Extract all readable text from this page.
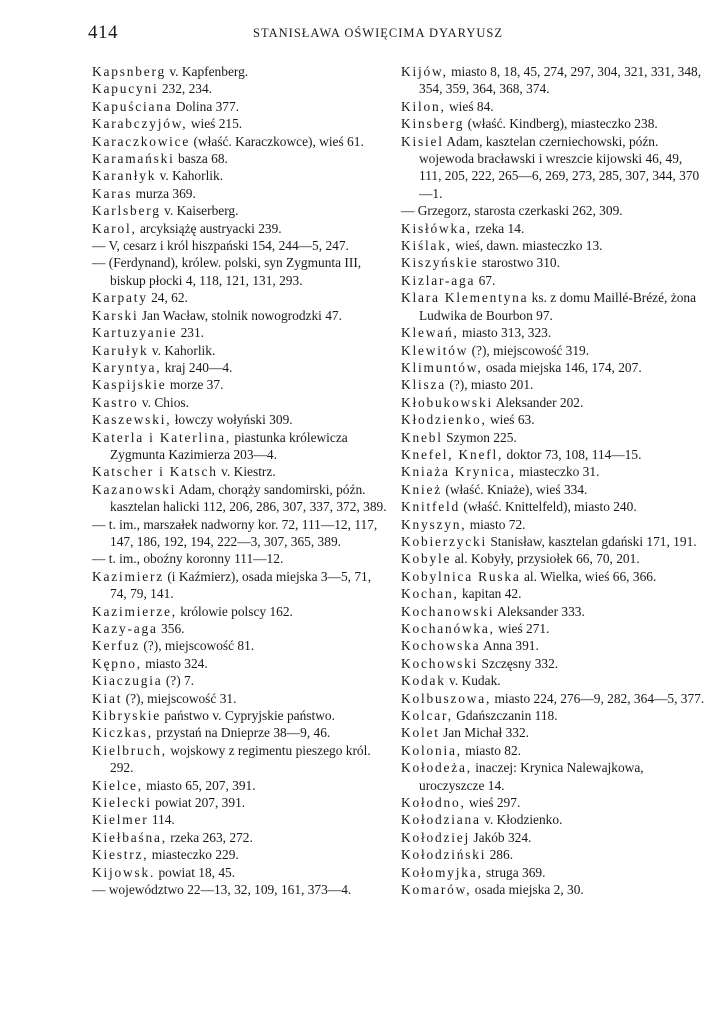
414	STANISŁAWA OŚWIĘCIMA DYARYUSZ

Kapsnberg v. Kapfenberg.

Kapucyni 232, 234.

Kapuściana Dolina 377.

Karabczyjów, wieś 215.

Karaczkowice (właść. Karaczkowce), wieś 61.

Karamański basza 68.

Karanłyk v. Kahorlik.

Karas murza 369.

Karlsberg v. Kaiserberg.

Karol, arcyksiążę austryacki 239.

— V, cesarz i król hiszpański 154, 244—5, 247.

— (Ferdynand), królew. polski, syn Zygmunta III, biskup płocki 4, 118, 121, 131, 293.

Karpaty 24, 62.

Karski Jan Wacław, stolnik nowogrodzki 47.

Kartuzyanie 231.

Karułyk v. Kahorlik.

Karyntya, kraj 240—4.

Kaspijskie morze 37.

Kastro v. Chios.

Kaszewski, łowczy wołyński 309.

Katerla i Katerlina, piastunka królewicza Zygmunta Kazimierza 203—4.

Katscher i Katsch v. Kiestrz.

Kazanowski Adam, chorąży sandomirski, późn. kasztelan halicki 112, 206, 286, 307, 337, 372, 389.

— t. im., marszałek nadworny kor. 72, 111—12, 117, 147, 186, 192, 194, 222—3, 307, 365, 389.

— t. im., oboźny koronny 111—12.

Kazimierz (i Kaźmierz), osada miejska 3—5, 71, 74, 79, 141.

Kazimierze, królowie polscy 162.

Kazy-aga 356.

Kerfuz (?), miejscowość 81.

Kępno, miasto 324.

Kiaczugia (?) 7.

Kiat (?), miejscowość 31.

Kibryskie państwo v. Cypryjskie państwo.

Kiczkas, przystań na Dnieprze 38—9, 46.

Kielbruch, wojskowy z regimentu pieszego król. 292.

Kielce, miasto 65, 207, 391.

Kielecki powiat 207, 391.

Kielmer 114.

Kiełbaśna, rzeka 263, 272.

Kiestrz, miasteczko 229.

Kijowsk. powiat 18, 45.

— województwo 22—13, 32, 109, 161, 373—4.

Kijów, miasto 8, 18, 45, 274, 297, 304, 321, 331, 348, 354, 359, 364, 368, 374.

Kilon, wieś 84.

Kinsberg (właść. Kindberg), miasteczko 238.

Kisiel Adam, kasztelan czerniechowski, późn. wojewoda bracławski i wreszcie kijowski 46, 49, 111, 205, 222, 265—6, 269, 273, 285, 307, 344, 370—1.

— Grzegorz, starosta czerkaski 262, 309.

Kisłówka, rzeka 14.

Kiślak, wieś, dawn. miasteczko 13.

Kiszyńskie starostwo 310.

Kizlar-aga 67.

Klara Klementyna ks. z domu Maillé-Brézé, żona Ludwika de Bourbon 97.

Klewań, miasto 313, 323.

Klewitów (?), miejscowość 319.

Klimuntów, osada miejska 146, 174, 207.

Klisza (?), miasto 201.

Kłobukowski Aleksander 202.

Kłodzienko, wieś 63.

Knebl Szymon 225.

Knefel, Knefl, doktor 73, 108, 114—15.

Kniaża Krynica, miasteczko 31.

Knież (właść. Kniaże), wieś 334.

Knitfeld (właść. Knittelfeld), miasto 240.

Knyszyn, miasto 72.

Kobierzycki Stanisław, kasztelan gdański 171, 191.

Kobyle al. Kobyły, przysiołek 66, 70, 201.

Kobylnica Ruska al. Wielka, wieś 66, 366.

Kochan, kapitan 42.

Kochanowski Aleksander 333.

Kochanówka, wieś 271.

Kochowska Anna 391.

Kochowski Szczęsny 332.

Kodak v. Kudak.

Kolbuszowa, miasto 224, 276—9, 282, 364—5, 377.

Kolcar, Gdańszczanin 118.

Kolet Jan Michał 332.

Kolonia, miasto 82.

Kołodeża, inaczej: Krynica Nalewajkowa, uroczyszcze 14.

Kołodno, wieś 297.

Kołodziana v. Kłodzienko.

Kołodziej Jakób 324.

Kołodziński 286.

Kołomyjka, struga 369.

Komarów, osada miejska 2, 30.
